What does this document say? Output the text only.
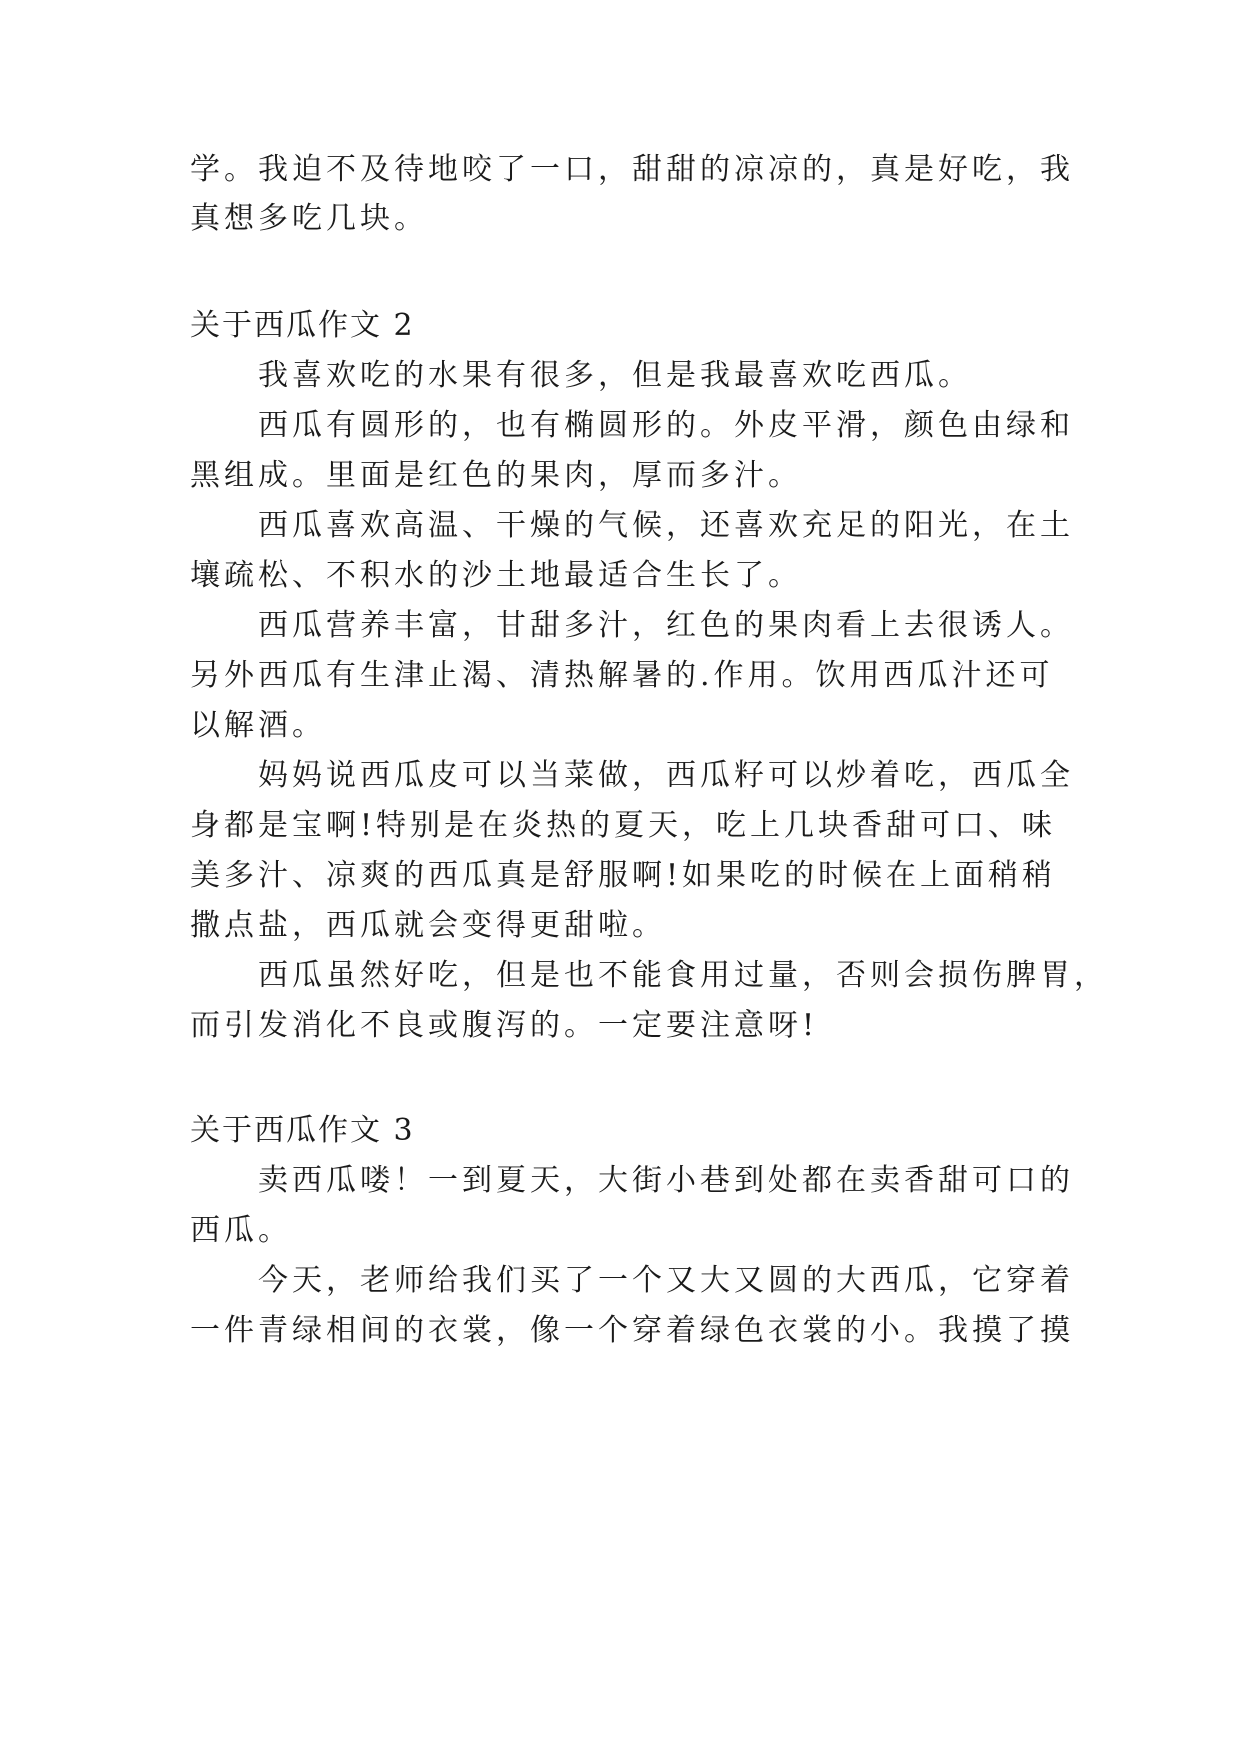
学。我迫不及待地咬了一口，甜甜的凉凉的，真是好吃，我
真想多吃几块。
关于西瓜作文 2
我喜欢吃的水果有很多，但是我最喜欢吃西瓜。
西瓜有圆形的，也有椭圆形的。外皮平滑，颜色由绿和
黑组成。里面是红色的果肉，厚而多汁。
西瓜喜欢高温、干燥的气候，还喜欢充足的阳光，在土
壤疏松、不积水的沙土地最适合生长了。
西瓜营养丰富，甘甜多汁，红色的果肉看上去很诱人。
另外西瓜有生津止渴、清热解暑的.作用。饮用西瓜汁还可
以解酒。
妈妈说西瓜皮可以当菜做，西瓜籽可以炒着吃，西瓜全
身都是宝啊!特别是在炎热的夏天，吃上几块香甜可口、味
美多汁、凉爽的西瓜真是舒服啊!如果吃的时候在上面稍稍
撒点盐，西瓜就会变得更甜啦。
西瓜虽然好吃，但是也不能食用过量，否则会损伤脾胃，
而引发消化不良或腹泻的。一定要注意呀!
关于西瓜作文 3
卖西瓜喽！一到夏天，大街小巷到处都在卖香甜可口的
西瓜。
今天，老师给我们买了一个又大又圆的大西瓜，它穿着
一件青绿相间的衣裳，像一个穿着绿色衣裳的小。我摸了摸
